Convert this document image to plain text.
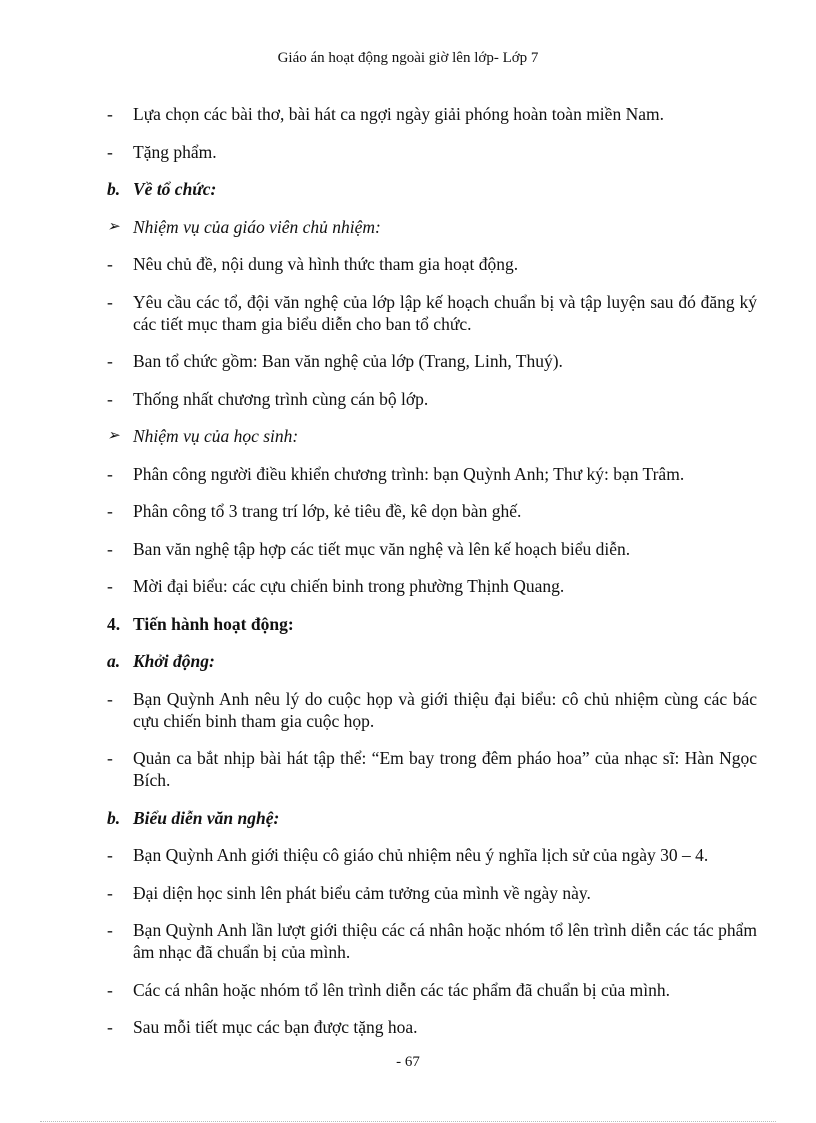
Giáo án hoạt động ngoài giờ lên lớp- Lớp 7
-	Lựa chọn các bài thơ, bài hát ca ngợi ngày giải phóng hoàn toàn miền Nam.
-	Tặng phẩm.
b. Về tổ chức:
➢ Nhiệm vụ của giáo viên chủ nhiệm:
-	Nêu chủ đề, nội dung và hình thức tham gia hoạt động.
-	Yêu cầu các tổ, đội văn nghệ của lớp lập kế hoạch chuẩn bị và tập luyện sau đó đăng ký các tiết mục tham gia biểu diễn cho ban tổ chức.
-	Ban tổ chức gồm: Ban văn nghệ của lớp (Trang, Linh, Thuý).
-	Thống nhất chương trình cùng cán bộ lớp.
➢ Nhiệm vụ của học sinh:
-	Phân công người điều khiển chương trình: bạn Quỳnh Anh; Thư ký: bạn Trâm.
-	Phân công tổ 3 trang trí lớp, kẻ tiêu đề, kê dọn bàn ghế.
-	Ban văn nghệ tập hợp các tiết mục văn nghệ và lên kế hoạch biểu diễn.
-	Mời đại biểu: các cựu chiến binh trong phường Thịnh Quang.
4. Tiến hành hoạt động:
a. Khởi động:
-	Bạn Quỳnh Anh nêu lý do cuộc họp và giới thiệu đại biểu: cô chủ nhiệm cùng các bác cựu chiến binh tham gia cuộc họp.
-	Quản ca bắt nhịp bài hát tập thể: “Em bay trong đêm pháo hoa” của nhạc sĩ: Hàn Ngọc Bích.
b. Biểu diễn văn nghệ:
-	Bạn Quỳnh Anh giới thiệu cô giáo chủ nhiệm nêu ý nghĩa lịch sử của ngày 30 – 4.
-	Đại diện học sinh lên phát biểu cảm tưởng của mình về ngày này.
-	Bạn Quỳnh Anh lần lượt giới thiệu các cá nhân hoặc nhóm tổ lên trình diễn các tác phẩm âm nhạc đã chuẩn bị của mình.
-	Các cá nhân hoặc nhóm tổ lên trình diễn các tác phẩm đã chuẩn bị của mình.
-	Sau mỗi tiết mục các bạn được tặng hoa.
- 67
